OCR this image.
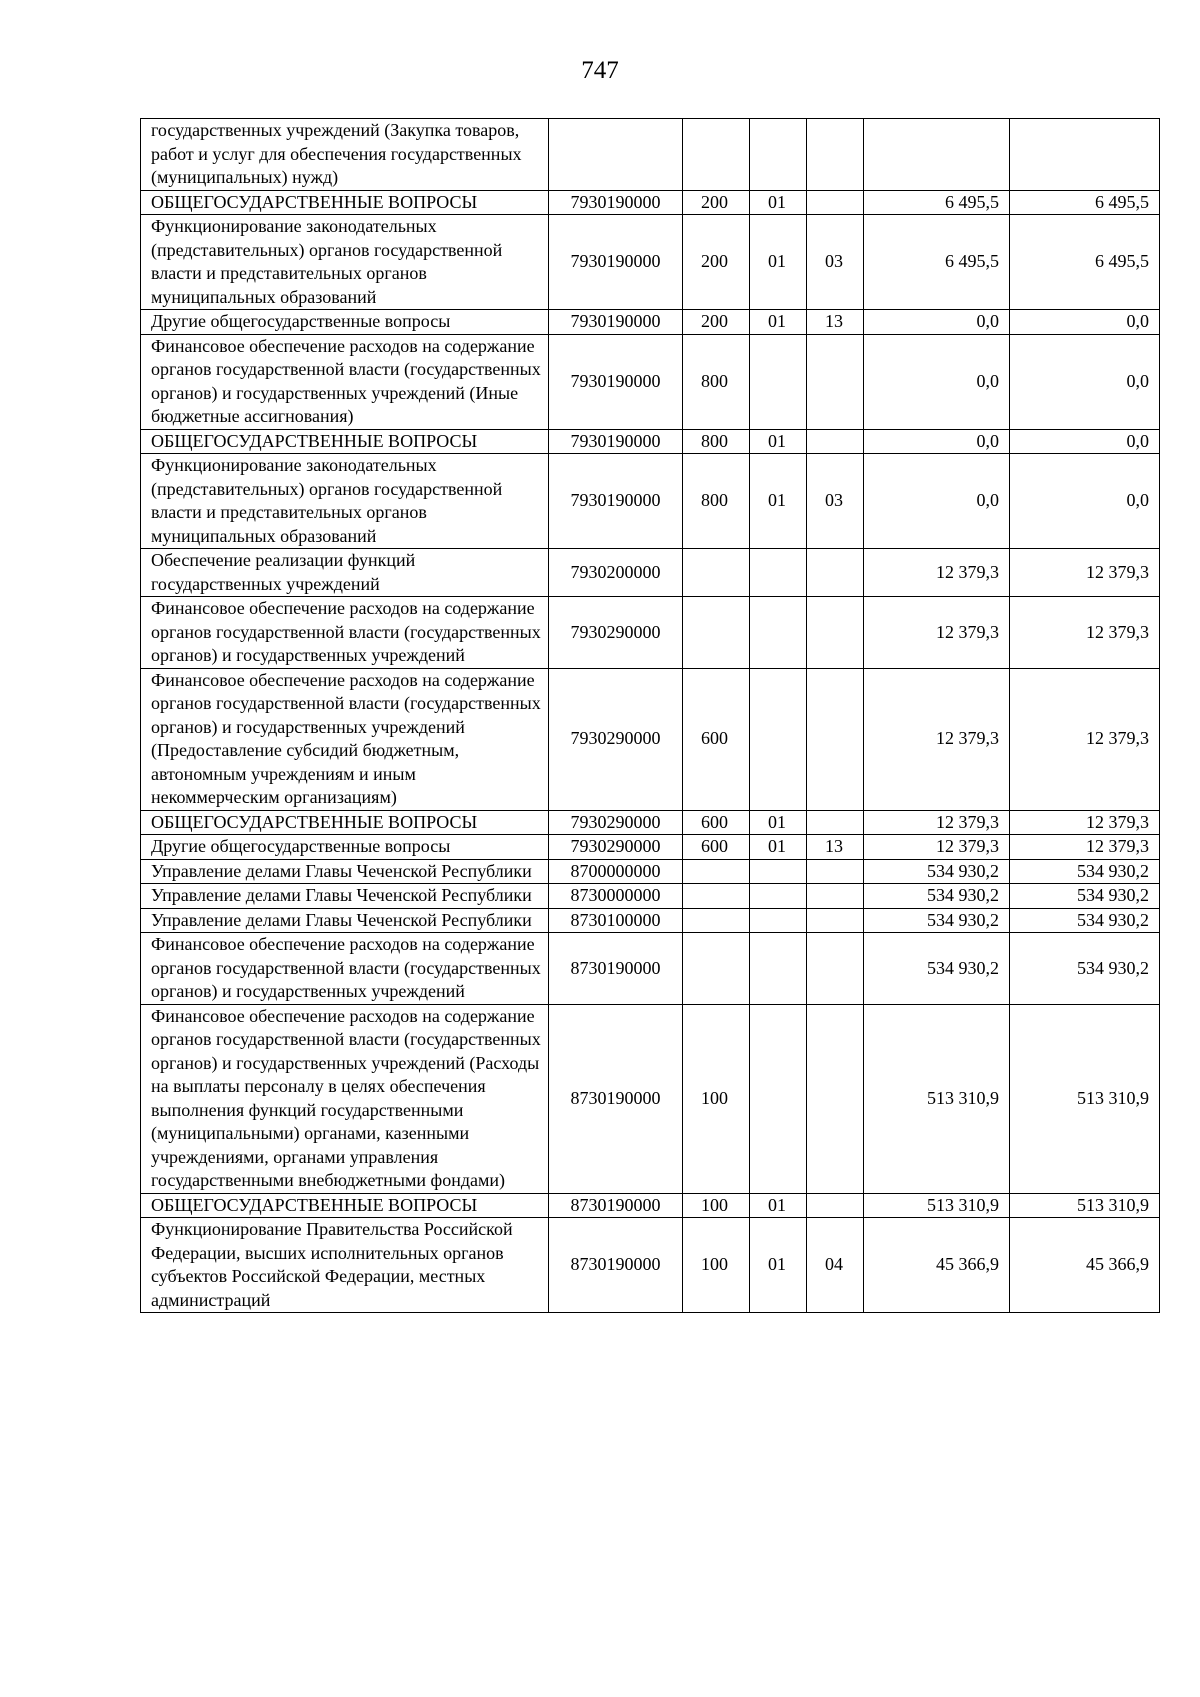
747
государственных учреждений (Закупка товаров, работ и услуг для обеспечения государственных (муниципальных) нужд)						
ОБЩЕГОСУДАРСТВЕННЫЕ ВОПРОСЫ	7930190000	200	01		6 495,5	6 495,5
Функционирование законодательных (представительных) органов государственной власти и представительных органов муниципальных образований	7930190000	200	01	03	6 495,5	6 495,5
Другие общегосударственные вопросы	7930190000	200	01	13	0,0	0,0
Финансовое обеспечение расходов на содержание органов государственной власти (государственных органов) и государственных учреждений (Иные бюджетные ассигнования)	7930190000	800			0,0	0,0
ОБЩЕГОСУДАРСТВЕННЫЕ ВОПРОСЫ	7930190000	800	01		0,0	0,0
Функционирование законодательных (представительных) органов государственной власти и представительных органов муниципальных образований	7930190000	800	01	03	0,0	0,0
Обеспечение реализации функций государственных учреждений	7930200000				12 379,3	12 379,3
Финансовое обеспечение расходов на содержание органов государственной власти (государственных органов) и государственных учреждений	7930290000				12 379,3	12 379,3
Финансовое обеспечение расходов на содержание органов государственной власти (государственных органов) и государственных учреждений (Предоставление субсидий бюджетным, автономным учреждениям и иным некоммерческим организациям)	7930290000	600			12 379,3	12 379,3
ОБЩЕГОСУДАРСТВЕННЫЕ ВОПРОСЫ	7930290000	600	01		12 379,3	12 379,3
Другие общегосударственные вопросы	7930290000	600	01	13	12 379,3	12 379,3
Управление делами Главы Чеченской Республики	8700000000				534 930,2	534 930,2
Управление делами Главы Чеченской Республики	8730000000				534 930,2	534 930,2
Управление делами Главы Чеченской Республики	8730100000				534 930,2	534 930,2
Финансовое обеспечение расходов на содержание органов государственной власти (государственных органов) и государственных учреждений	8730190000				534 930,2	534 930,2
Финансовое обеспечение расходов на содержание органов государственной власти (государственных органов) и государственных учреждений (Расходы на выплаты персоналу в целях обеспечения выполнения функций государственными (муниципальными) органами, казенными учреждениями, органами управления государственными внебюджетными фондами)	8730190000	100			513 310,9	513 310,9
ОБЩЕГОСУДАРСТВЕННЫЕ ВОПРОСЫ	8730190000	100	01		513 310,9	513 310,9
Функционирование Правительства Российской Федерации, высших исполнительных органов субъектов Российской Федерации, местных администраций	8730190000	100	01	04	45 366,9	45 366,9
